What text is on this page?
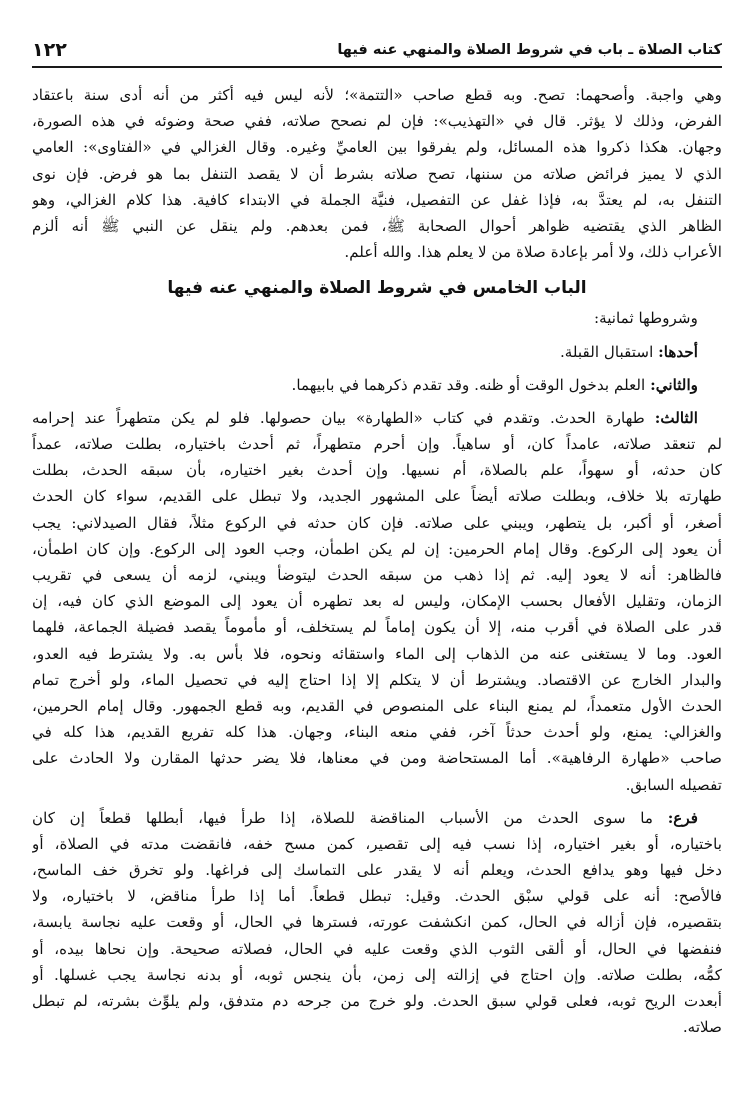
كتاب الصلاة ـ باب في شروط الصلاة والمنهي عنه فيها
١٢٢
وهي واجبة. وأصحهما: تصح. وبه قطع صاحب «التتمة»؛ لأنه ليس فيه أكثر من أنه أدى سنة باعتقاد
الفرض، وذلك لا يؤثر. قال في «التهذيب»: فإن لم نصحح صلاته، ففي صحة وضوئه في هذه الصورة،
وجهان. هكذا ذكروا هذه المسائل، ولم يفرقوا بين العاميِّ وغيره. وقال الغزالي في «الفتاوى»: العامي
الذي لا يميز فرائض صلاته من سننها، تصح صلاته بشرط أن لا يقصد التنفل بما هو فرض. فإن نوى
التنفل به، لم يعتدَّ به، فإذا غفل عن التفصيل، فنيَّة الجملة في الابتداء كافية. هذا كلام الغزالي، وهو
الظاهر الذي يقتضيه ظواهر أحوال الصحابة ﷺ، فمن بعدهم. ولم ينقل عن النبي ﷺ أنه ألزم
الأعراب ذلك، ولا أمر بإعادة صلاة من لا يعلم هذا. والله أعلم.
الباب الخامس في شروط الصلاة والمنهي عنه فيها
وشروطها ثمانية:
أحدها: استقبال القبلة.
والثاني: العلم بدخول الوقت أو ظنه. وقد تقدم ذكرهما في بابيهما.
الثالث: طهارة الحدث. وتقدم في كتاب «الطهارة» بيان حصولها. فلو لم يكن متطهراً عند إحرامه
لم تنعقد صلاته، عامداً كان، أو ساهياً. وإن أحرم متطهراً، ثم أحدث باختياره، بطلت صلاته، عمداً
كان حدثه، أو سهواً، علم بالصلاة، أم نسيها. وإن أحدث بغير اختياره، بأن سبقه الحدث، بطلت
طهارته بلا خلاف، وبطلت صلاته أيضاً على المشهور الجديد، ولا تبطل على القديم، سواء كان الحدث
أصغر، أو أكبر، بل يتطهر، ويبني على صلاته. فإن كان حدثه في الركوع مثلاً، فقال الصيدلاني: يجب
أن يعود إلى الركوع. وقال إمام الحرمين: إن لم يكن اطمأن، وجب العود إلى الركوع. وإن كان اطمأن،
فالظاهر: أنه لا يعود إليه. ثم إذا ذهب من سبقه الحدث ليتوضأ ويبني، لزمه أن يسعى في تقريب
الزمان، وتقليل الأفعال بحسب الإمكان، وليس له بعد تطهره أن يعود إلى الموضع الذي كان فيه، إن
قدر على الصلاة في أقرب منه، إلا أن يكون إماماً لم يستخلف، أو مأموماً يقصد فضيلة الجماعة، فلهما
العود. وما لا يستغنى عنه من الذهاب إلى الماء واستقائه ونحوه، فلا بأس به. ولا يشترط فيه العدو،
والبدار الخارج عن الاقتصاد. ويشترط أن لا يتكلم إلا إذا احتاج إليه في تحصيل الماء، ولو أخرج تمام
الحدث الأول متعمداً، لم يمنع البناء على المنصوص في القديم، وبه قطع الجمهور. وقال إمام الحرمين،
والغزالي: يمنع، ولو أحدث حدثاً آخر، ففي منعه البناء، وجهان. هذا كله تفريع القديم، هذا كله في
صاحب «طهارة الرفاهية». أما المستحاضة ومن في معناها، فلا يضر حدثها المقارن ولا الحادث على
تفصيله السابق.
فرع: ما سوى الحدث من الأسباب المناقضة للصلاة، إذا طرأ فيها، أبطلها قطعاً إن كان
باختياره، أو بغير اختياره، إذا نسب فيه إلى تقصير، كمن مسح خفه، فانقضت مدته في الصلاة، أو
دخل فيها وهو يدافع الحدث، ويعلم أنه لا يقدر على التماسك إلى فراغها. ولو تخرق خف الماسح،
فالأصح: أنه على قولي سبْق الحدث. وقيل: تبطل قطعاً. أما إذا طرأ مناقض، لا باختياره، ولا
بتقصيره، فإن أزاله في الحال، كمن انكشفت عورته، فسترها في الحال، أو وقعت عليه نجاسة يابسة،
فنفضها في الحال، أو ألقى الثوب الذي وقعت عليه في الحال، فصلاته صحيحة. وإن نحاها بيده، أو
كمُّه، بطلت صلاته. وإن احتاج في إزالته إلى زمن، بأن ينجس ثوبه، أو بدنه نجاسة يجب غسلها. أو
أبعدت الريح ثوبه، فعلى قولي سبق الحدث. ولو خرج من جرحه دم متدفق، ولم يلوِّث بشرته، لم تبطل
صلاته.
